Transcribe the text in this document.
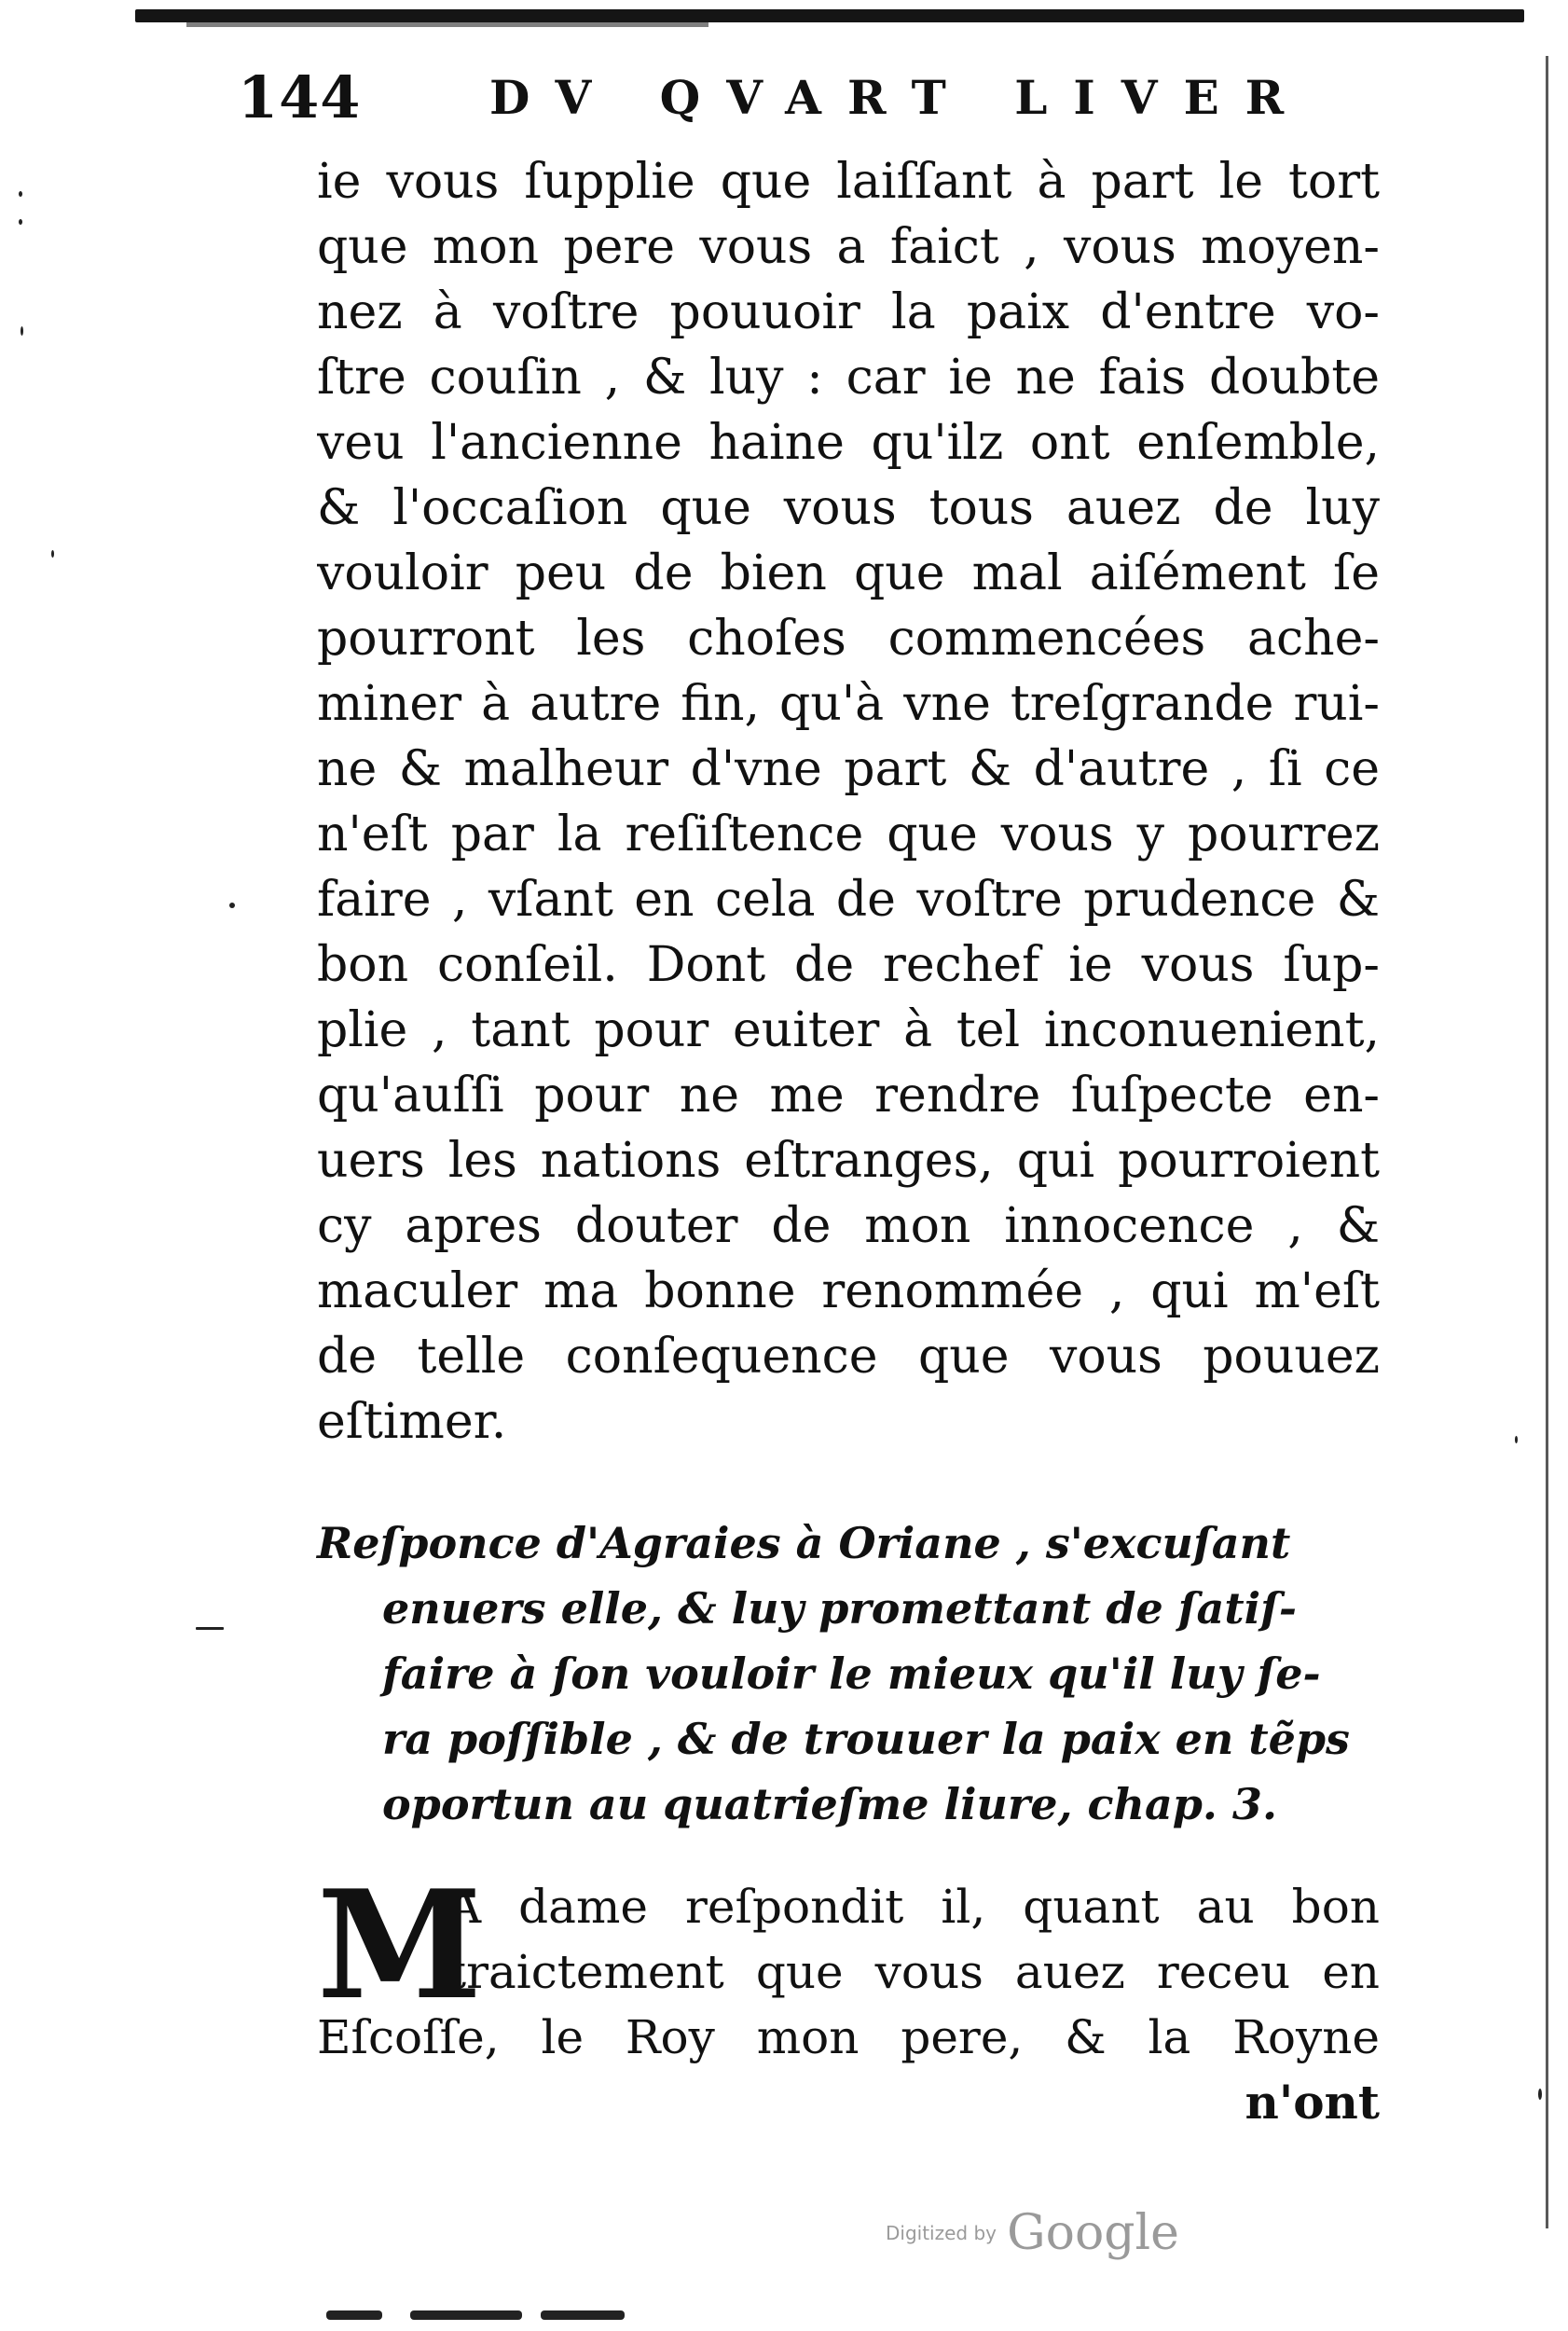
144	DV QVART LIVER
ie vous ſupplie que laiſſant à part le tort
que mon pere vous a faict , vous moyen-
nez à voſtre pouuoir la paix d'entre vo-
ſtre couſin , & luy : car ie ne fais doubte
veu l'ancienne haine qu'ilz ont enſemble,
& l'occaſion que vous tous auez de luy
vouloir peu de bien que mal aiſément ſe
pourront les choſes commencées ache-
miner à autre fin, qu'à vne treſgrande rui-
ne & malheur d'vne part & d'autre , ſi ce
n'eſt par la reſiſtence que vous y pourrez
faire , vſant en cela de voſtre prudence &
bon conſeil. Dont de rechef ie vous ſup-
plie , tant pour euiter à tel inconuenient,
qu'auſſi pour ne me rendre ſuſpecte en-
uers les nations eſtranges, qui pourroient
cy apres douter de mon innocence , &
maculer ma bonne renommée , qui m'eſt
de telle conſequence que vous pouuez
eſtimer.
Reſponce d'Agraies à Oriane , s'excuſant
enuers elle, & luy promettant de ſatiſ-
faire à ſon vouloir le mieux qu'il luy ſe-
ra poſſible , & de trouuer la paix en tẽps
oportun au quatrieſme liure, chap. 3.
M
A dame reſpondit il, quant au bon
traictement que vous auez receu en
Eſcoſſe, le Roy mon pere, & la Royne
n'ont
Digitized by Google
